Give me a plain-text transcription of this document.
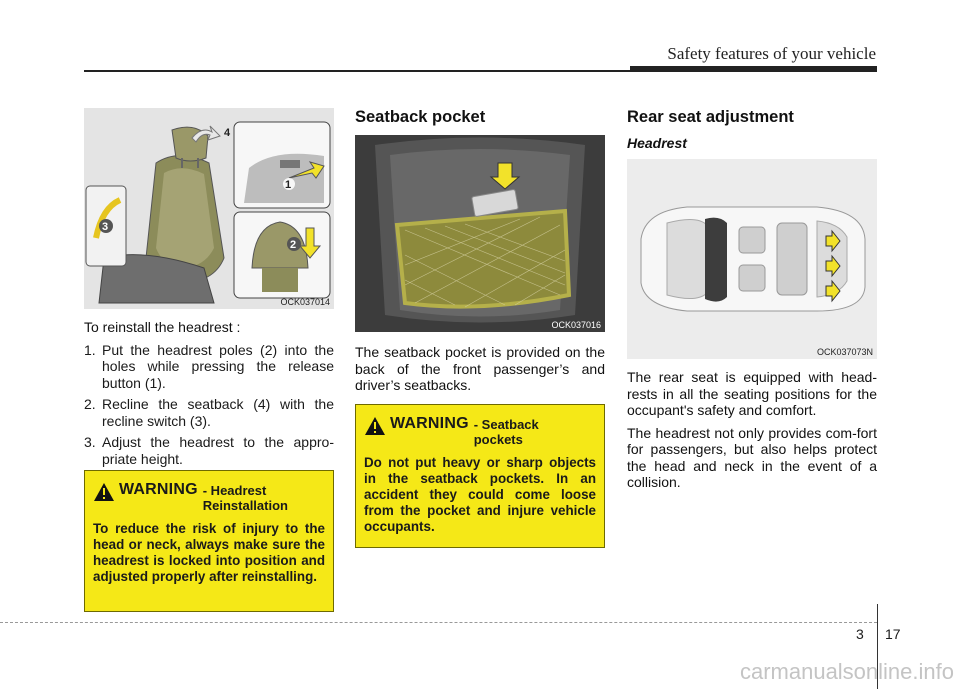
Safety features of your vehicle
4
1
3
2
OCK037014

To reinstall the headrest :

1. Put the headrest poles (2) into the holes while pressing the release button (1).
2. Recline the seatback (4) with the recline switch (3).
3. Adjust the headrest to the appro-priate height.
WARNING - Headrest Reinstallation
To reduce the risk of injury to the head or neck, always make sure the headrest is locked into position and adjusted properly after reinstalling.
Seatback pocket
OCK037016

The seatback pocket is provided on the back of the front passenger’s and driver’s seatbacks.

WARNING - Seatback pockets
Do not put heavy or sharp objects in the seatback pockets. In an accident they could come loose from the pocket and injure vehicle occupants.
Rear seat adjustment
Headrest
OCK037073N

The rear seat is equipped with head-rests in all the seating positions for the occupant's safety and comfort.

The headrest not only provides com-fort for passengers, but also helps protect the head and neck in the event of a collision.

3 17
carmanualsonline.info
